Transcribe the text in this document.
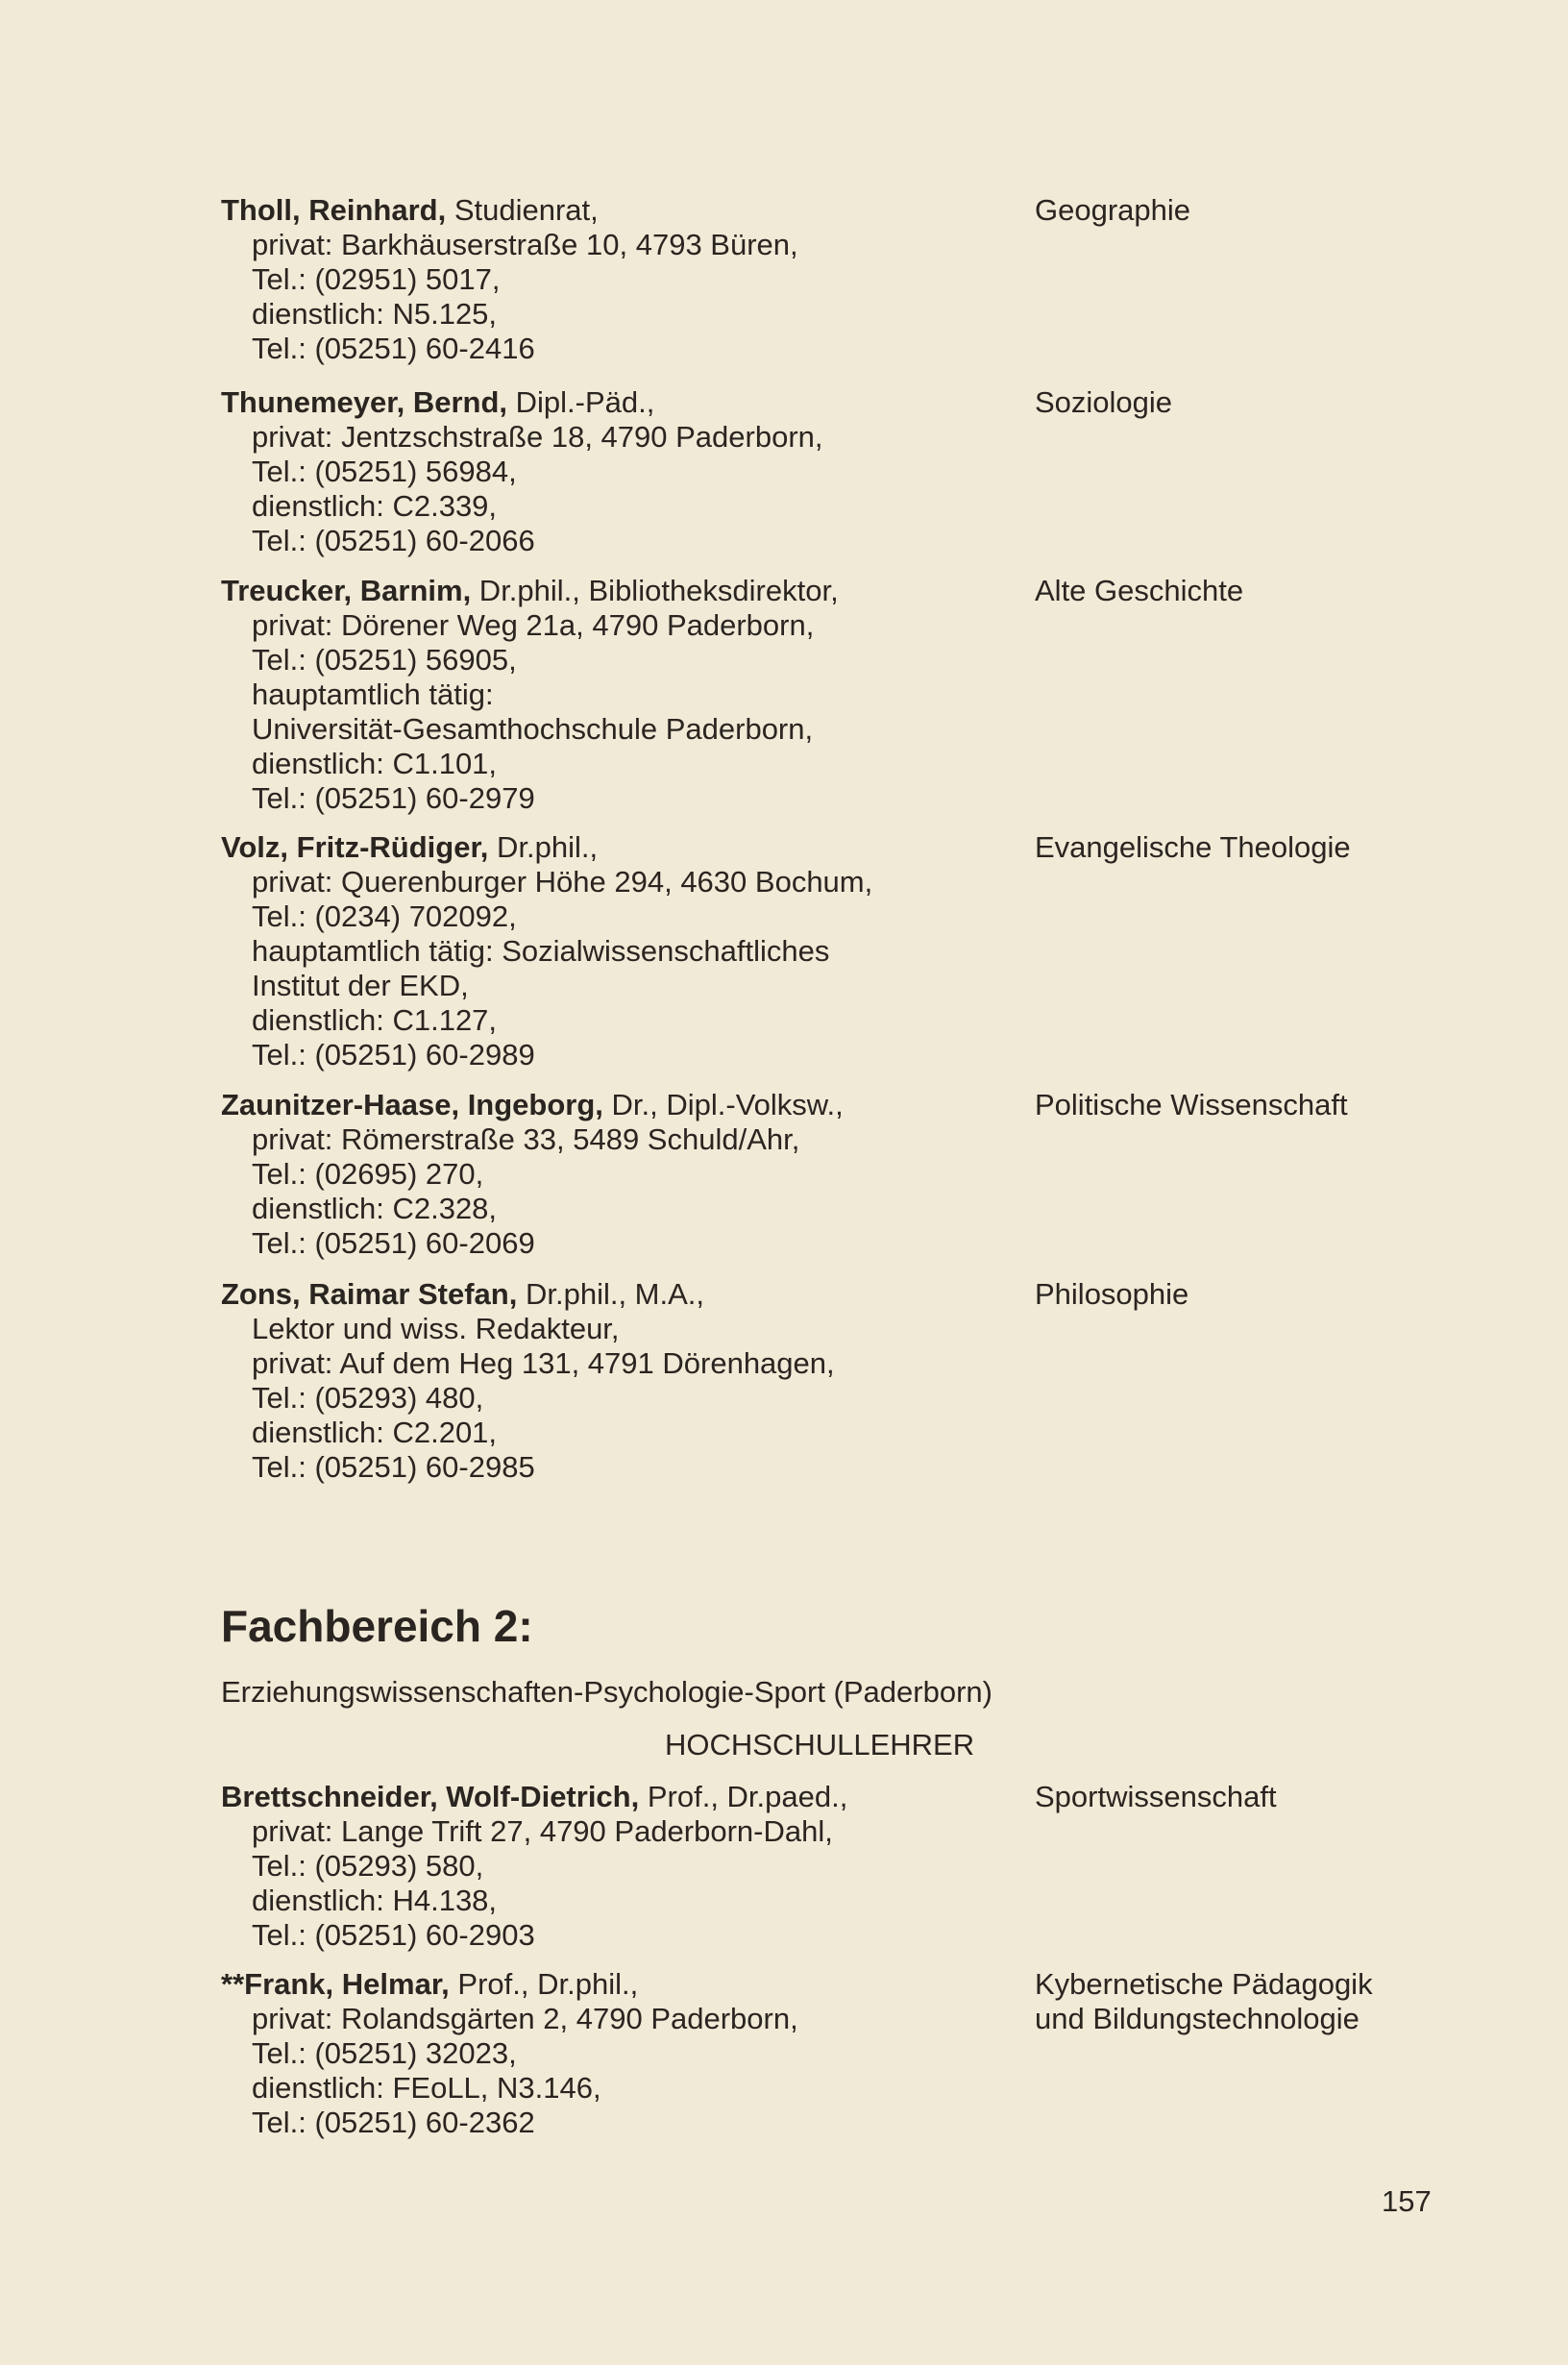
Tholl, Reinhard, Studienrat,
privat: Barkhäuserstraße 10, 4793 Büren,
Tel.: (02951) 5017,
dienstlich: N5.125,
Tel.: (05251) 60-2416
Geographie
Thunemeyer, Bernd, Dipl.-Päd.,
privat: Jentzschstraße 18, 4790 Paderborn,
Tel.: (05251) 56984,
dienstlich: C2.339,
Tel.: (05251) 60-2066
Soziologie
Treucker, Barnim, Dr.phil., Bibliotheksdirektor,
privat: Dörener Weg 21a, 4790 Paderborn,
Tel.: (05251) 56905,
hauptamtlich tätig:
Universität-Gesamthochschule Paderborn,
dienstlich: C1.101,
Tel.: (05251) 60-2979
Alte Geschichte
Volz, Fritz-Rüdiger, Dr.phil.,
privat: Querenburger Höhe 294, 4630 Bochum,
Tel.: (0234) 702092,
hauptamtlich tätig: Sozialwissenschaftliches
Institut der EKD,
dienstlich: C1.127,
Tel.: (05251) 60-2989
Evangelische Theologie
Zaunitzer-Haase, Ingeborg, Dr., Dipl.-Volksw.,
privat: Römerstraße 33, 5489 Schuld/Ahr,
Tel.: (02695) 270,
dienstlich: C2.328,
Tel.: (05251) 60-2069
Politische Wissenschaft
Zons, Raimar Stefan, Dr.phil., M.A.,
Lektor und wiss. Redakteur,
privat: Auf dem Heg 131, 4791 Dörenhagen,
Tel.: (05293) 480,
dienstlich: C2.201,
Tel.: (05251) 60-2985
Philosophie
Fachbereich 2:
Erziehungswissenschaften-Psychologie-Sport (Paderborn)
HOCHSCHULLEHRER
Brettschneider, Wolf-Dietrich, Prof., Dr.paed.,
privat: Lange Trift 27, 4790 Paderborn-Dahl,
Tel.: (05293) 580,
dienstlich: H4.138,
Tel.: (05251) 60-2903
Sportwissenschaft
**Frank, Helmar, Prof., Dr.phil.,
privat: Rolandsgärten 2, 4790 Paderborn,
Tel.: (05251) 32023,
dienstlich: FEoLL, N3.146,
Tel.: (05251) 60-2362
Kybernetische Pädagogik
und Bildungstechnologie
157
